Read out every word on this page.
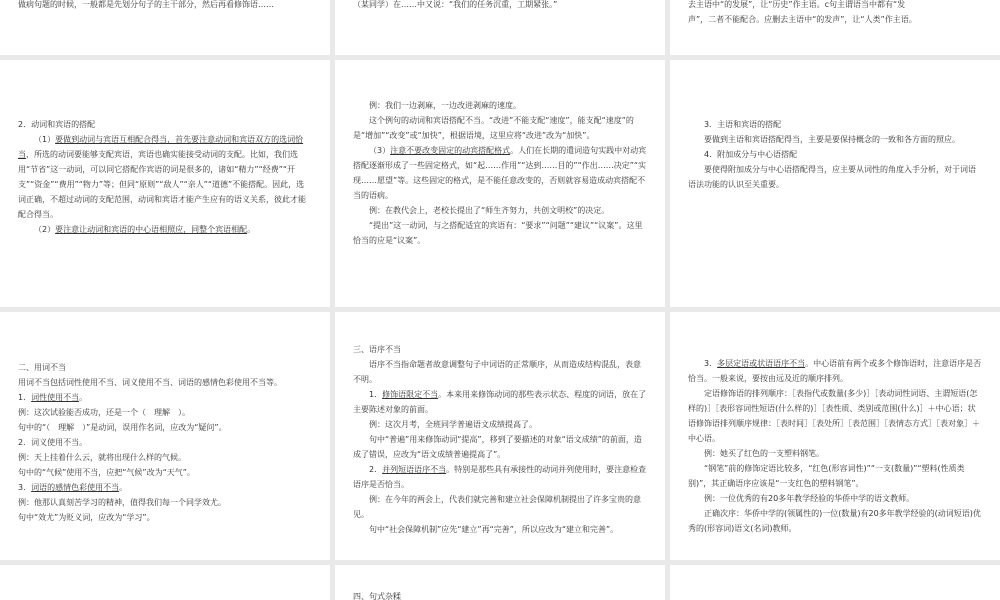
做病句题的时候，一般都是先划分句子的主干部分，然后再看修饰语……	（某同学）在……中又说：“我们的任务沉重，工期紧张。”	去主语中“的发展”，让“历史”作主语。c句主谓语当中都有“发

声”，二者不能配合。应删去主语中“的发声”，让“人类”作主语。

2．动词和宾语的搭配

（1）要做到动词与宾语互相配合得当，首先要注意动词和宾语双方的选词恰当，所选的动词要能够支配宾语，宾语也确实能接受动词的支配。比如，我们选用“节省”这一动词，可以同它搭配作宾语的词是很多的，诸如“精力”“经费”“开支”“资金”“费用”“物力”等；但同“原则”“敌人”“亲人”“道德”不能搭配。因此，选词正确，不超过动词的支配范围，动词和宾语才能产生应有的语义关系，彼此才能配合得当。

（2）要注意让动词和宾语的中心语相照应，同整个宾语相配。

例：我们一边剥麻，一边改进剥麻的速度。

这个例句的动词和宾语搭配不当。“改进”不能支配“速度”，能支配“速度”的是“增加”“改变”或“加快”，根据语境，这里应将“改进”改为“加快”。

（3）注意不要改变固定的动宾搭配格式。人们在长期的遣词造句实践中对动宾搭配逐渐形成了一些固定格式，如“起……作用”“达到……目的”“作出……决定”“实现……愿望”等。这些固定的格式，是不能任意改变的，否则就容易造成动宾搭配不当的语病。

例：在教代会上，老校长提出了“师生齐努力，共创文明校”的决定。

“提出”这一动词，与之搭配适宜的宾语有：“要求”“问题”“建议”“议案”。这里恰当的应是“议案”。

3．主语和宾语的搭配

要做到主语和宾语搭配得当，主要是要保持概念的一致和各方面的照应。

4．附加成分与中心语搭配

要使得附加成分与中心语搭配得当，应主要从词性的角度入手分析，对于词语语法功能的认识至关重要。

二、用词不当

用词不当包括词性使用不当、词义使用不当、词语的感情色彩使用不当等。

1．词性使用不当。

例：这次试验能否成功，还是一个（　理解　）。

句中的“（　理解　）”是动词，误用作名词，应改为“疑问”。

2．词义使用不当。

例：天上挂着什么云，就将出现什么样的气候。

句中的“气候”使用不当，应把“气候”改为“天气”。

3．词语的感情色彩使用不当。

例：他那认真刻苦学习的精神，值得我们每一个同学效尤。

句中“效尤”为贬义词，应改为“学习”。

三、语序不当

语序不当指命题者故意调整句子中词语的正常顺序，从而造成结构混乱，表意不明。

1．修饰语限定不当。本来用来修饰动词的那些表示状态、程度的词语，放在了主要陈述对象的前面。

例：这次月考，全班同学普遍语文成绩提高了。

句中“普遍”用来修饰动词“提高”，移到了要描述的对象“语文成绩”的前面，造成了错误，应改为“语文成绩普遍提高了”。

2．并列短语语序不当。特别是那些具有承接性的动词并列使用时，要注意检查语序是否恰当。

例：在今年的两会上，代表们就完善和建立社会保障机制提出了许多宝贵的意见。

句中“社会保障机制”应先“建立”再“完善”，所以应改为“建立和完善”。

3．多层定语或状语语序不当。中心语前有两个或多个修饰语时，注意语序是否恰当。一般来说，要按由远及近的顺序排列。

定语修饰语的排列顺序：［表指代或数量(多少)］［表动词性词语、主谓短语(怎样的)］［表形容词性短语(什么样的)］［表性质、类别或范围(什么)］＋中心语；状语修饰语排列顺序规律：［表时间］［表处所］［表范围］［表情态方式］［表对象］＋中心语。

例：她买了红色的一支塑料钢笔。

“钢笔”前的修饰定语比较多，“红色(形容词性)”“一支(数量)”“塑料(性质类别)”，其正确语序应该是“一支红色的塑料钢笔”。

例：一位优秀的有20多年教学经验的华侨中学的语文教师。

正确次序：华侨中学的(领属性的)一位(数量)有20多年教学经验的(动词短语)优秀的(形容词)语文(名词)教师。

四、句式杂糅
